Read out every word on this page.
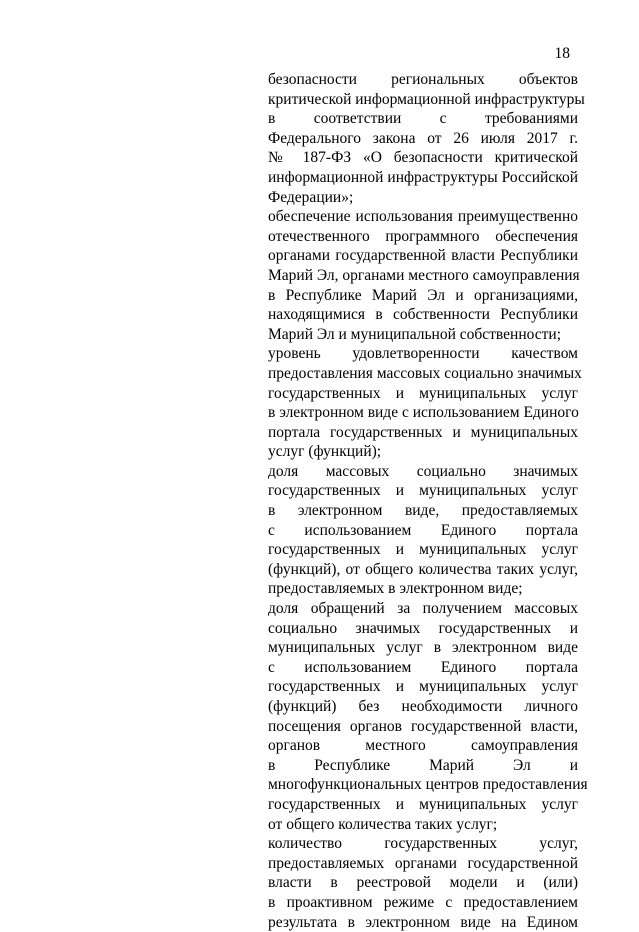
18

безопасности региональных объектов
критической информационной инфраструктуры
в соответствии с требованиями
Федерального закона от 26 июля 2017 г.
№ 187-ФЗ «О безопасности критической
информационной инфраструктуры Российской
Федерации»;

обеспечение использования преимущественно
отечественного программного обеспечения
органами государственной власти Республики
Марий Эл, органами местного самоуправления
в Республике Марий Эл и организациями,
находящимися в собственности Республики
Марий Эл и муниципальной собственности;

уровень удовлетворенности качеством
предоставления массовых социально значимых
государственных и муниципальных услуг
в электронном виде с использованием Единого
портала государственных и муниципальных
услуг (функций);

доля массовых социально значимых
государственных и муниципальных услуг
в электронном виде, предоставляемых
с использованием Единого портала
государственных и муниципальных услуг
(функций), от общего количества таких услуг,
предоставляемых в электронном виде;

доля обращений за получением массовых
социально значимых государственных и
муниципальных услуг в электронном виде
с использованием Единого портала
государственных и муниципальных услуг
(функций) без необходимости личного
посещения органов государственной власти,
органов местного самоуправления
в Республике Марий Эл и
многофункциональных центров предоставления
государственных и муниципальных услуг
от общего количества таких услуг;

количество государственных услуг,
предоставляемых органами государственной
власти в реестровой модели и (или)
в проактивном режиме с предоставлением
результата в электронном виде на Едином
